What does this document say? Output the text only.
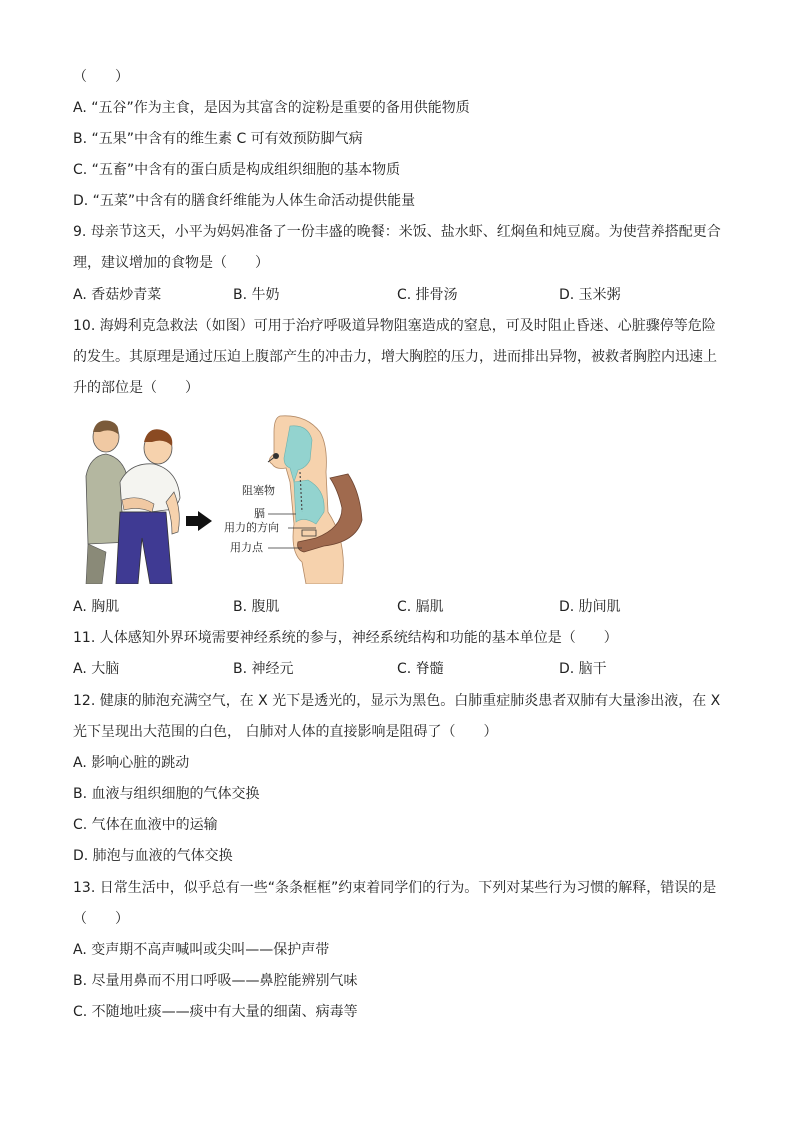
（　　）
A. “五谷”作为主食，是因为其富含的淀粉是重要的备用供能物质
B. “五果”中含有的维生素 C 可有效预防脚气病
C. “五畜”中含有的蛋白质是构成组织细胞的基本物质
D. “五菜”中含有的膳食纤维能为人体生命活动提供能量
9. 母亲节这天，小平为妈妈准备了一份丰盛的晚餐：米饭、盐水虾、红焖鱼和炖豆腐。为使营养搭配更合
理，建议增加的食物是（　　）
A. 香菇炒青菜	B. 牛奶	C. 排骨汤	D. 玉米粥
10. 海姆利克急救法（如图）可用于治疗呼吸道异物阻塞造成的窒息，可及时阻止昏迷、心脏骤停等危险
的发生。其原理是通过压迫上腹部产生的冲击力，增大胸腔的压力，进而排出异物，被救者胸腔内迅速上
升的部位是（　　）
阻塞物
膈
用力的方向
用力点
A. 胸肌	B. 腹肌	C. 膈肌	D. 肋间肌
11. 人体感知外界环境需要神经系统的参与，神经系统结构和功能的基本单位是（　　）
A. 大脑	B. 神经元	C. 脊髓	D. 脑干
12. 健康的肺泡充满空气，在 X 光下是透光的，显示为黑色。白肺重症肺炎患者双肺有大量渗出液，在 X
光下呈现出大范围的白色， 白肺对人体的直接影响是阻碍了（　　）
A. 影响心脏的跳动
B. 血液与组织细胞的气体交换
C. 气体在血液中的运输
D. 肺泡与血液的气体交换
13. 日常生活中，似乎总有一些“条条框框”约束着同学们的行为。下列对某些行为习惯的解释，错误的是
（　　）
A. 变声期不高声喊叫或尖叫——保护声带
B. 尽量用鼻而不用口呼吸——鼻腔能辨别气味
C. 不随地吐痰——痰中有大量的细菌、病毒等
